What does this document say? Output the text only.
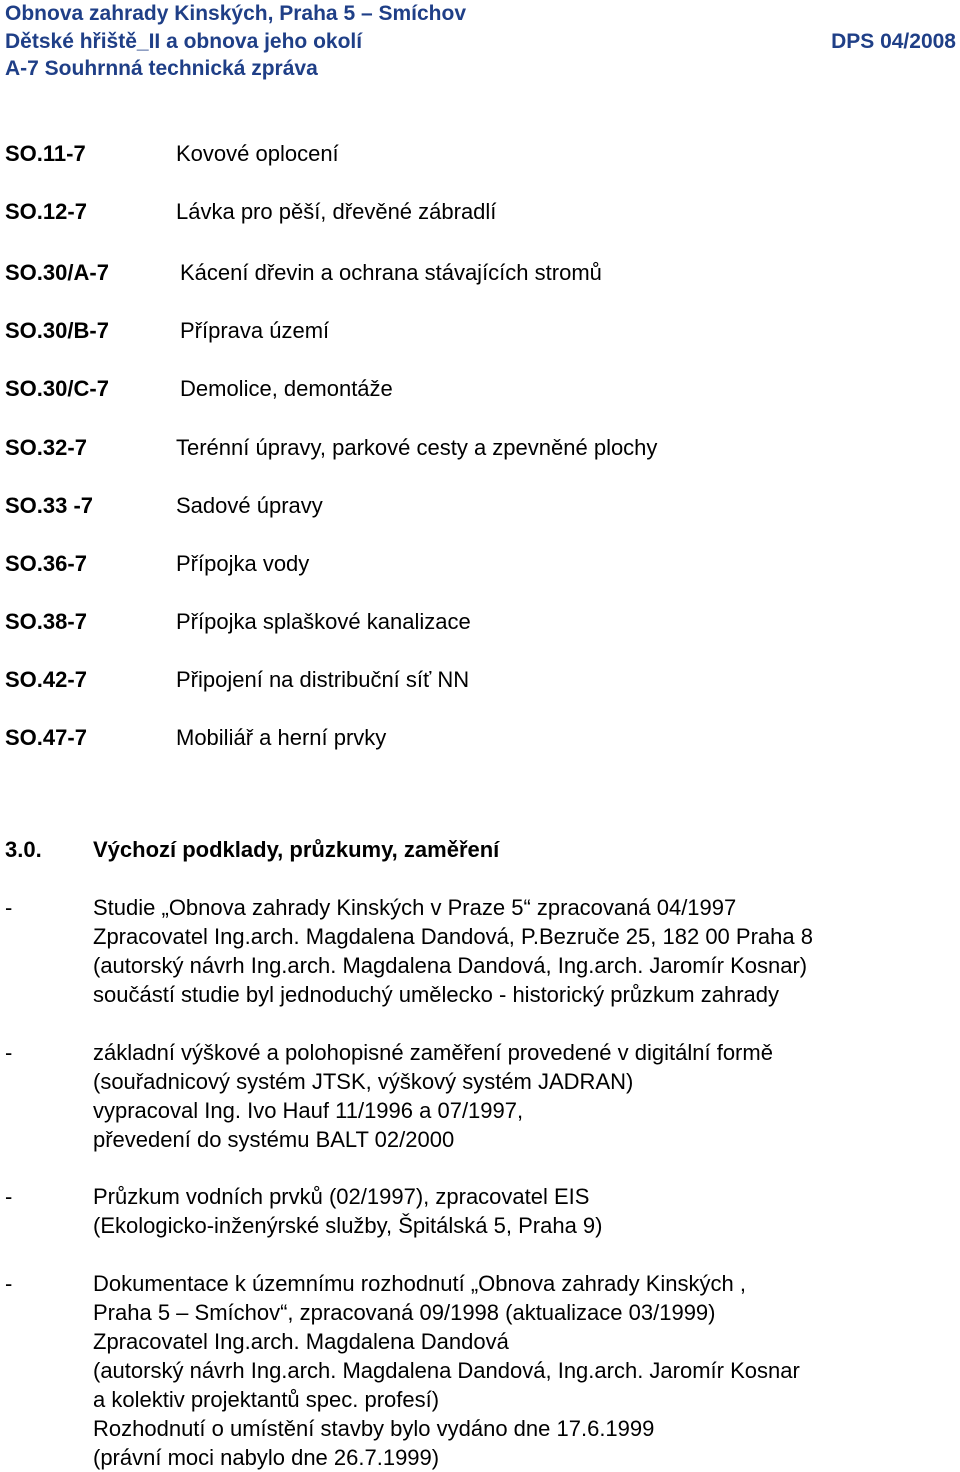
Obnova zahrady Kinských, Praha 5 – Smíchov
Dětské hřiště_II a obnova jeho okolí	DPS 04/2008
A-7 Souhrnná technická zpráva
SO.11-7	Kovové oplocení
SO.12-7	Lávka pro pěší, dřevěné zábradlí
SO.30/A-7	Kácení dřevin a ochrana stávajících stromů
SO.30/B-7	Příprava území
SO.30/C-7	Demolice, demontáže
SO.32-7	Terénní úpravy, parkové cesty a zpevněné plochy
SO.33 -7	Sadové úpravy
SO.36-7	Přípojka vody
SO.38-7	Přípojka splaškové kanalizace
SO.42-7	Připojení na distribuční síť NN
SO.47-7	Mobiliář a herní prvky
3.0. Výchozí podklady, průzkumy, zaměření
-	Studie „Obnova zahrady Kinských v Praze 5“ zpracovaná 04/1997
Zpracovatel Ing.arch. Magdalena Dandová, P.Bezruče 25, 182 00 Praha 8
(autorský návrh Ing.arch. Magdalena Dandová, Ing.arch. Jaromír Kosnar)
součástí studie byl jednoduchý umělecko - historický průzkum zahrady
-	základní výškové a polohopisné zaměření provedené v digitální formě
(souřadnicový systém JTSK, výškový systém JADRAN)
vypracoval Ing. Ivo Hauf 11/1996 a 07/1997,
převedení do systému BALT 02/2000
-	Průzkum vodních prvků (02/1997), zpracovatel EIS
(Ekologicko-inženýrské služby, Špitálská 5, Praha 9)
-	Dokumentace k územnímu rozhodnutí „Obnova zahrady Kinských ,
Praha 5 – Smíchov“, zpracovaná 09/1998 (aktualizace 03/1999)
Zpracovatel Ing.arch. Magdalena Dandová
(autorský návrh Ing.arch. Magdalena Dandová, Ing.arch. Jaromír Kosnar
a kolektiv projektantů spec. profesí)
Rozhodnutí o umístění stavby bylo vydáno dne 17.6.1999
(právní moci nabylo dne 26.7.1999)
